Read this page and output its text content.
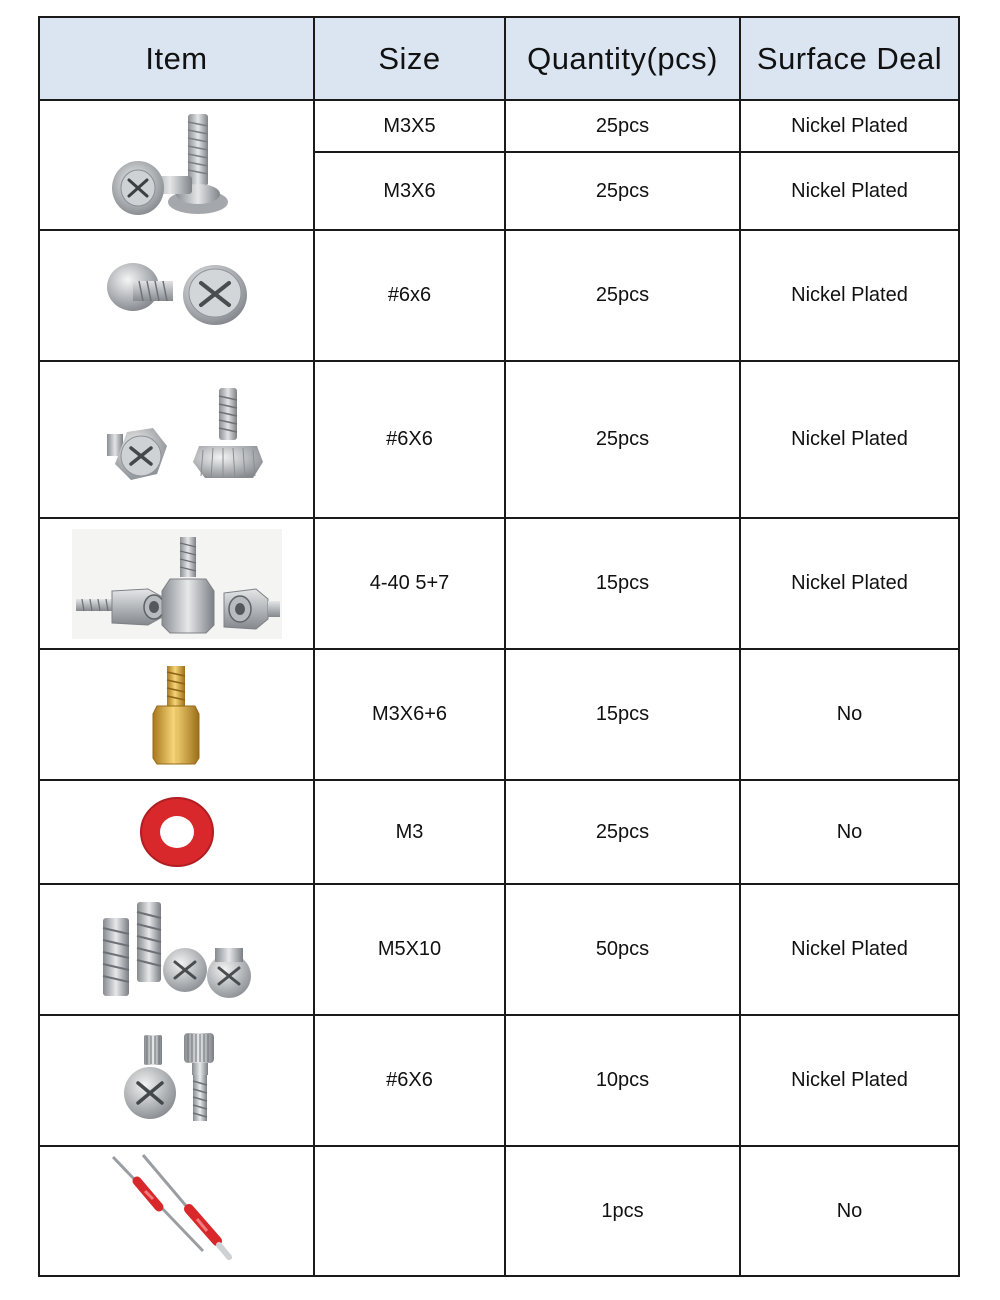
Item	Size	Quantity(pcs)	Surface Deal

	M3X5	25pcs	Nickel Plated
	M3X6	25pcs	Nickel Plated

	#6x6	25pcs	Nickel Plated

	#6X6	25pcs	Nickel Plated

	4-40 5+7	15pcs	Nickel Plated

	M3X6+6	15pcs	No

	M3	25pcs	No

	M5X10	50pcs	Nickel Plated

	#6X6	10pcs	Nickel Plated

		1pcs	No
